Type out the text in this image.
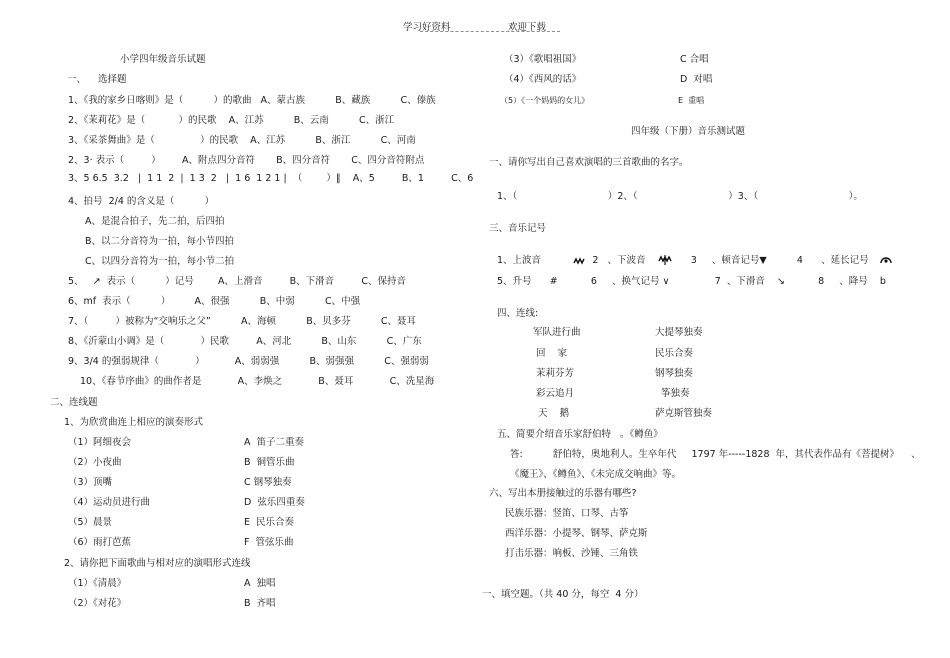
学习好资料	欢迎下载
小学四年级音乐试题
一、 选择题
1、《我的家乡日喀则》是（          ）的歌曲   A、蒙古族          B、藏族          C、傣族
2、《茉莉花》是（           ）的民歌    A、江苏          B、云南          C、浙江
3、《采茶舞曲》是（               ）的民歌    A、江苏          B、浙江          C、河南
2、3· 表示（         ）       A、附点四分音符       B、四分音符       C、四分音符附点
3、5 6.5  3.2   |  1 1  2  |  1 3  2   |  1 6  1 2 1 |  （        ）‖    A、5         B、1         C、6
4、拍号  2/4 的含义是（          ）
A、是混合拍子，先二拍，后四拍
B、以二分音符为一拍，每小节四拍
C、以四分音符为一拍，每小节二拍
5、   ↗  表示（          ）记号        A、上滑音         B、下滑音         C、保持音
6、mf  表示（          ）        A、很强          B、中弱          C、中强
7、（         ）被称为“交响乐之父”          A、海顿          B、贝多芬          C、聂耳
8、《沂蒙山小调》是（            ）民歌         A、河北          B、山东          C、广东
9、3/4 的强弱规律（            ）          A、弱弱强          B、弱强强          C、强弱弱
10、《春节序曲》的曲作者是            A、李焕之            B、聂耳            C、冼星海
二、连线题
1、为欣赏曲连上相应的演奏形式
（1）阿细夜会	A  笛子二重奏
（2）小夜曲	B  铜管乐曲
（3）顶嘴	C 钢琴独奏
（4）运动员进行曲	D  弦乐四重奏
（5）晨景	E  民乐合奏
（6）雨打芭蕉	F  管弦乐曲
2、请你把下面歌曲与相对应的演唱形式连线
（1）《清晨》	A  独唱
（2）《对花》	B  齐唱
（3）《歌唱祖国》	C 合唱
（4）《西风的话》	D  对唱
（5）《一个妈妈的女儿》	E  重唱
四年级（下册）音乐测试题
一、请你写出自己喜欢演唱的三首歌曲的名字。
1、（                              ）2、（                              ）3、（                              ）。
三、音乐记号
1、上波音                 2   、下波音               3     、顿音记号▼          4      、延长记号
5、升号      #           6     、换气记号 ∨               7  、下滑音    ↘           8     、降号    b
四、连线:
军队进行曲	大提琴独奏
回    家	民乐合奏
茉莉芬芳	钢琴独奏
彩云追月	筝独奏
天    鹅	萨克斯管独奏
五、简要介绍音乐家舒伯特   。《鳟鱼》
答:          舒伯特，奥地利人。生卒年代     1797 年-----1828  年，其代表作品有《菩提树》    、
《魔王》、《鳟鱼》、《未完成交响曲》等。
六、写出本册接触过的乐器有哪些?
民族乐器：竖笛、口琴、古筝
西洋乐器：小提琴、钢琴、萨克斯
打击乐器：响板、沙锤、三角铁
一、填空题。（共 40 分，每空  4 分）
